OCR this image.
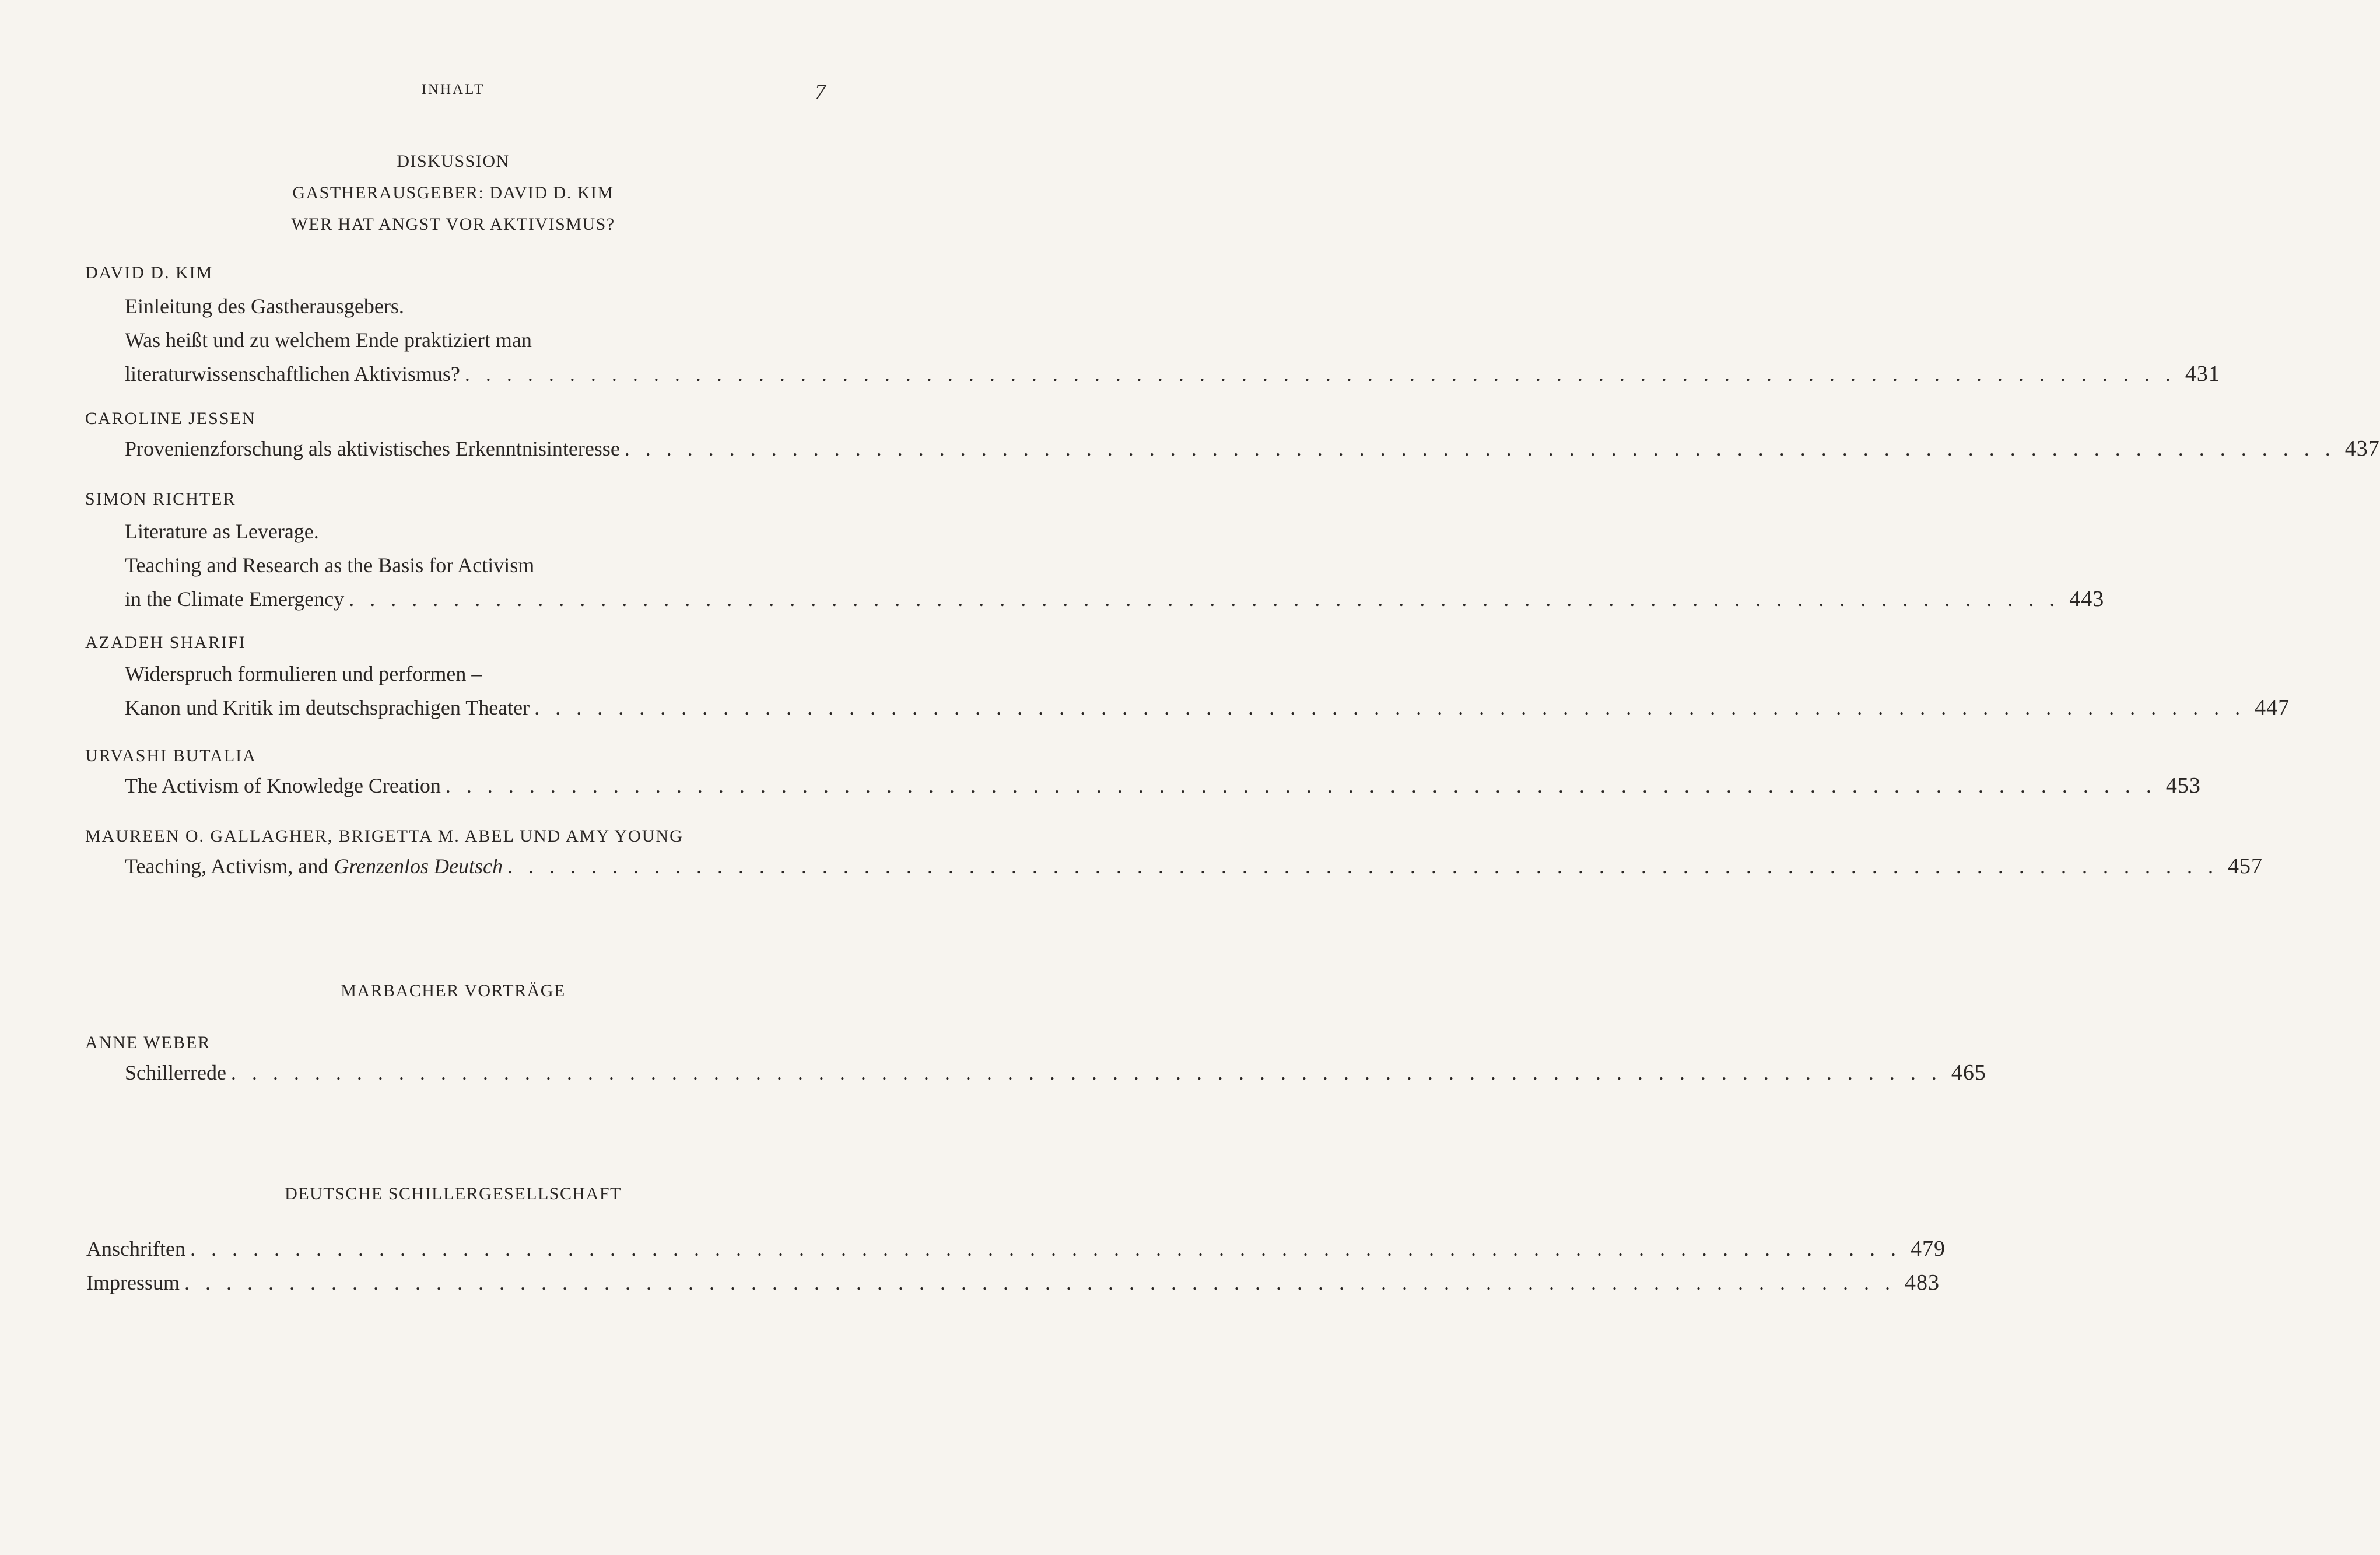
INHALT	7
DISKUSSION
GASTHERAUSGEBER: DAVID D. KIM
WER HAT ANGST VOR AKTIVISMUS?
DAVID D. KIM
Einleitung des Gastherausgebers.
Was heißt und zu welchem Ende praktiziert man
literaturwissenschaftlichen Aktivismus? . . . . . . . . . . . . . . . . . . . . . . . . . . . . . . . . . . . . . . . . . . . . . . . . . . . . . . . . . . . . . . . . . . . . . . . . . . . . . . . . . . 431
CAROLINE JESSEN
Provenienzforschung als aktivistisches Erkenntnisinteresse . . . . . . . . . . . . . . . . . . . . . . . . . . . . . . . . . . . . . . . . . . . . . . . . . . . . . . . . . . . . . . . . . . . . . . . . . . . . . . . . . . 437
SIMON RICHTER
Literature as Leverage.
Teaching and Research as the Basis for Activism
in the Climate Emergency . . . . . . . . . . . . . . . . . . . . . . . . . . . . . . . . . . . . . . . . . . . . . . . . . . . . . . . . . . . . . . . . . . . . . . . . . . . . . . . . . . 443
AZADEH SHARIFI
Widerspruch formulieren und performen –
Kanon und Kritik im deutschsprachigen Theater . . . . . . . . . . . . . . . . . . . . . . . . . . . . . . . . . . . . . . . . . . . . . . . . . . . . . . . . . . . . . . . . . . . . . . . . . . . . . . . . . . 447
URVASHI BUTALIA
The Activism of Knowledge Creation . . . . . . . . . . . . . . . . . . . . . . . . . . . . . . . . . . . . . . . . . . . . . . . . . . . . . . . . . . . . . . . . . . . . . . . . . . . . . . . . . . 453
MAUREEN O. GALLAGHER, BRIGETTA M. ABEL UND AMY YOUNG
Teaching, Activism, and Grenzenlos Deutsch . . . . . . . . . . . . . . . . . . . . . . . . . . . . . . . . . . . . . . . . . . . . . . . . . . . . . . . . . . . . . . . . . . . . . . . . . . . . . . . . . . 457
MARBACHER VORTRÄGE
ANNE WEBER
Schillerrede . . . . . . . . . . . . . . . . . . . . . . . . . . . . . . . . . . . . . . . . . . . . . . . . . . . . . . . . . . . . . . . . . . . . . . . . . . . . . . . . . . 465
DEUTSCHE SCHILLERGESELLSCHAFT
Anschriften . . . . . . . . . . . . . . . . . . . . . . . . . . . . . . . . . . . . . . . . . . . . . . . . . . . . . . . . . . . . . . . . . . . . . . . . . . . . . . . . . . 479
Impressum . . . . . . . . . . . . . . . . . . . . . . . . . . . . . . . . . . . . . . . . . . . . . . . . . . . . . . . . . . . . . . . . . . . . . . . . . . . . . . . . . . 483
